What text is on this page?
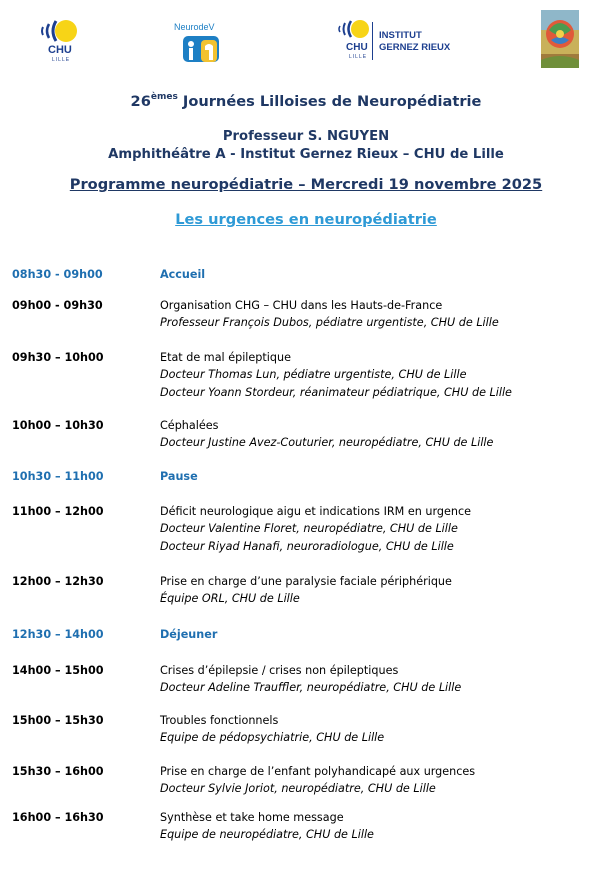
CHU
LILLE
NeurodeV
CHU
LILLE
INSTITUT
GERNEZ RIEUX
26èmes Journées Lilloises de Neuropédiatrie
Professeur S. NGUYEN
Amphithéâtre A - Institut Gernez Rieux – CHU de Lille
Programme neuropédiatrie – Mercredi 19 novembre 2025
Les urgences en neuropédiatrie
08h30 - 09h00	Accueil
09h00 - 09h30	Organisation CHG – CHU dans les Hauts-de-France
Professeur François Dubos, pédiatre urgentiste, CHU de Lille
09h30 – 10h00	Etat de mal épileptique
Docteur Thomas Lun, pédiatre urgentiste, CHU de Lille
Docteur Yoann Stordeur, réanimateur pédiatrique, CHU de Lille
10h00 – 10h30	Céphalées
Docteur Justine Avez-Couturier, neuropédiatre, CHU de Lille
10h30 – 11h00	Pause
11h00 – 12h00	Déficit neurologique aigu et indications IRM en urgence
Docteur Valentine Floret, neuropédiatre, CHU de Lille
Docteur Riyad Hanafi, neuroradiologue, CHU de Lille
12h00 – 12h30	Prise en charge d’une paralysie faciale périphérique
Équipe ORL, CHU de Lille
12h30 – 14h00	Déjeuner
14h00 – 15h00	Crises d’épilepsie / crises non épileptiques
Docteur Adeline Trauffler, neuropédiatre, CHU de Lille
15h00 – 15h30	Troubles fonctionnels
Equipe de pédopsychiatrie, CHU de Lille
15h30 – 16h00	Prise en charge de l’enfant polyhandicapé aux urgences
Docteur Sylvie Joriot, neuropédiatre, CHU de Lille
16h00 – 16h30	Synthèse et take home message
Equipe de neuropédiatre, CHU de Lille
